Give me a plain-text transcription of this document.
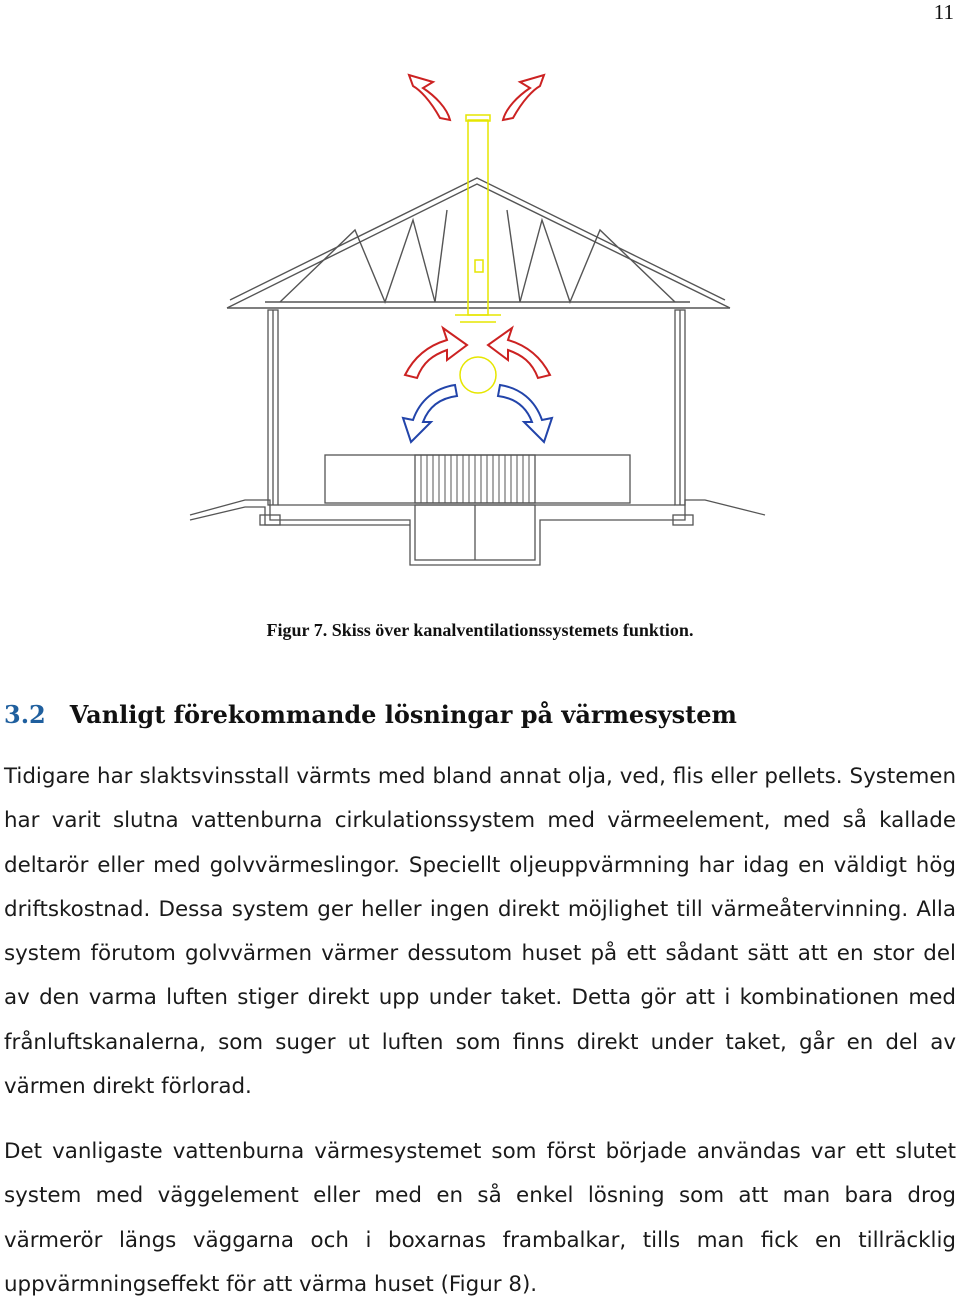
11
Figur 7. Skiss över kanalventilationssystemets funktion.
3.2 Vanligt förekommande lösningar på värmesystem

Tidigare har slaktsvinsstall värmts med bland annat olja, ved, flis eller pellets. Systemen har varit slutna vattenburna cirkulationssystem med värmeelement, med så kallade deltarör eller med golvvärmeslingor. Speciellt oljeuppvärmning har idag en väldigt hög driftskostnad. Dessa system ger heller ingen direkt möjlighet till värmeåtervinning. Alla system förutom golvvärmen värmer dessutom huset på ett sådant sätt att en stor del av den varma luften stiger direkt upp under taket. Detta gör att i kombinationen med frånluftskanalerna, som suger ut luften som finns direkt under taket, går en del av värmen direkt förlorad.

Det vanligaste vattenburna värmesystemet som först började användas var ett slutet system med väggelement eller med en så enkel lösning som att man bara drog värmerör längs väggarna och i boxarnas frambalkar, tills man fick en tillräcklig uppvärmningseffekt för att värma huset (Figur 8).
